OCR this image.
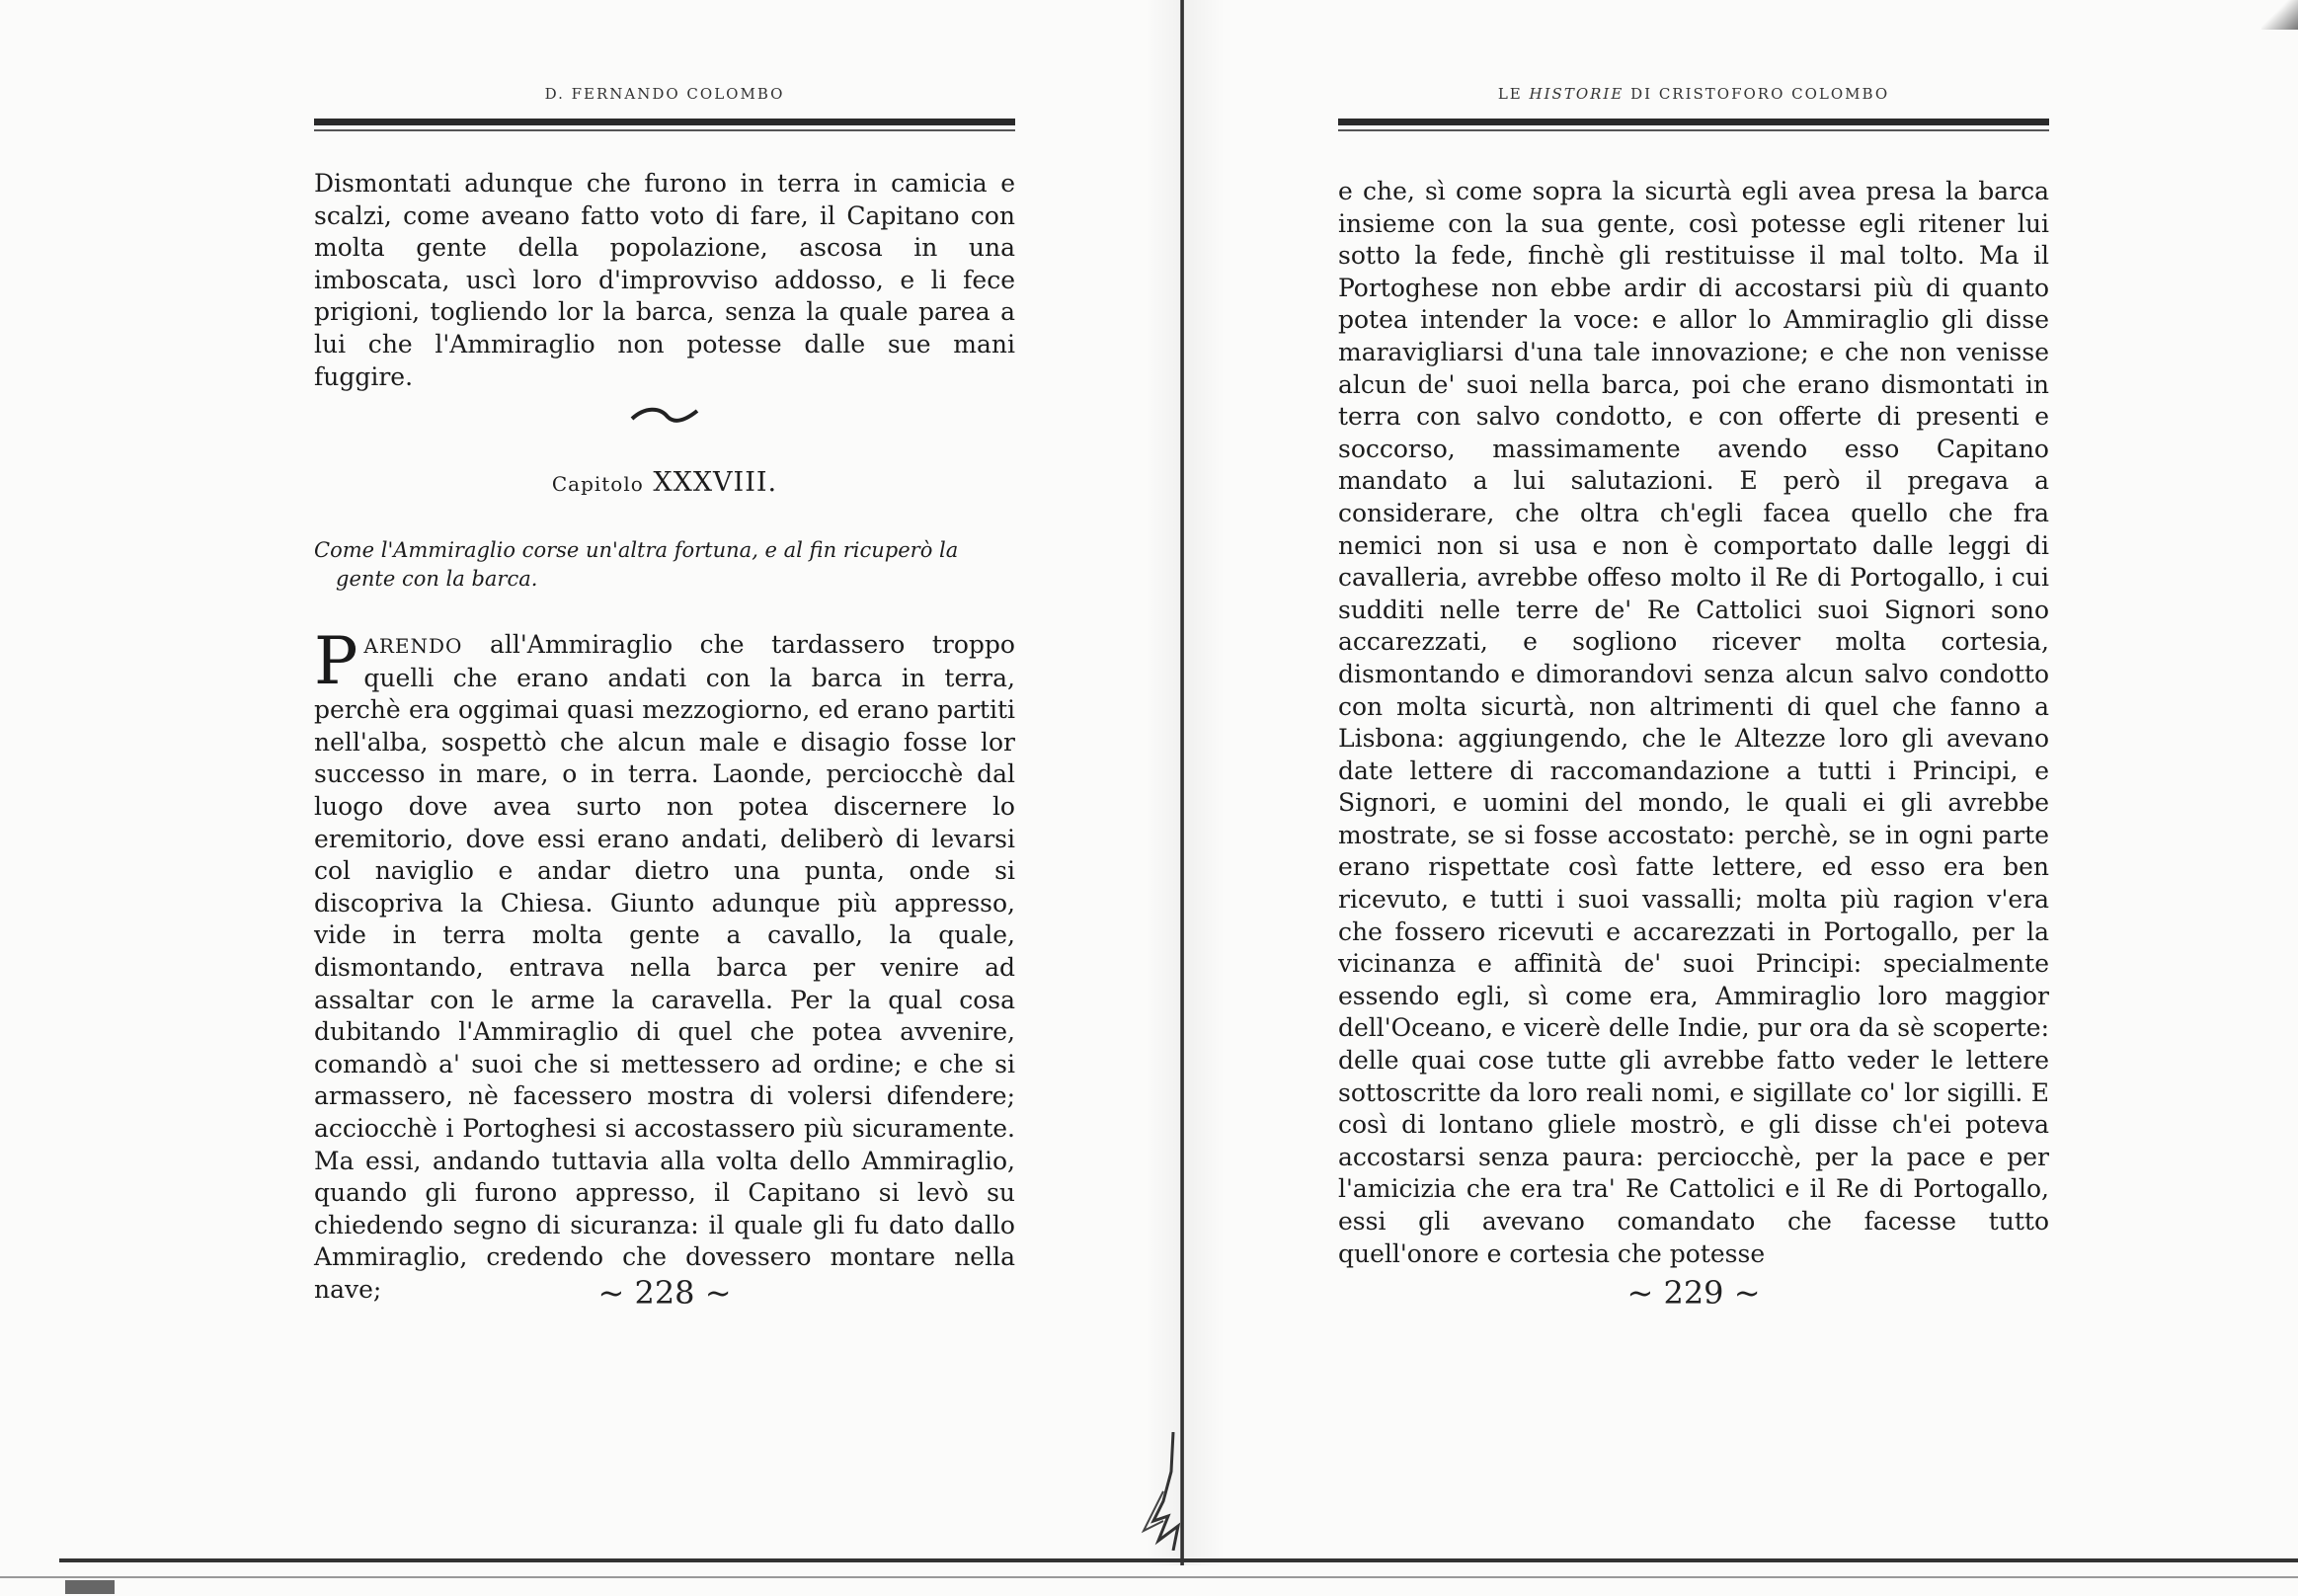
D. FERNANDO COLOMBO

Dismontati adunque che furono in terra in camicia e scalzi, come aveano fatto voto di fare, il Capitano con molta gente della popolazione, ascosa in una imboscata, uscì loro d'improvviso addosso, e li fece prigioni, togliendo lor la barca, senza la quale parea a lui che l'Ammiraglio non potesse dalle sue mani fuggire.

Capitolo XXXVIII.
Come l'Ammiraglio corse un'altra fortuna, e al fin ricuperò la
gente con la barca.

PARENDO all'Ammiraglio che tardassero troppo quelli che erano andati con la barca in terra, perchè era oggimai quasi mezzogiorno, ed erano partiti nell'alba, sospettò che alcun male e disagio fosse lor successo in mare, o in terra. Laonde, perciocchè dal luogo dove avea surto non potea discernere lo eremitorio, dove essi erano andati, deliberò di levarsi col naviglio e andar dietro una punta, onde si discopriva la Chiesa. Giunto adunque più appresso, vide in terra molta gente a cavallo, la quale, dismontando, entrava nella barca per venire ad assaltar con le arme la caravella. Per la qual cosa dubitando l'Ammiraglio di quel che potea avvenire, comandò a' suoi che si mettessero ad ordine; e che si armassero, nè facessero mostra di volersi difendere; acciocchè i Portoghesi si accostassero più sicuramente. Ma essi, andando tuttavia alla volta dello Ammiraglio, quando gli furono appresso, il Capitano si levò su chiedendo segno di sicuranza: il quale gli fu dato dallo Ammiraglio, credendo che dovessero montare nella nave;	~ 228 ~
LE HISTORIE DI CRISTOFORO COLOMBO

e che, sì come sopra la sicurtà egli avea presa la barca insieme con la sua gente, così potesse egli ritener lui sotto la fede, finchè gli restituisse il mal tolto. Ma il Portoghese non ebbe ardir di accostarsi più di quanto potea intender la voce: e allor lo Ammiraglio gli disse maravigliarsi d'una tale innovazione; e che non venisse alcun de' suoi nella barca, poi che erano dismontati in terra con salvo condotto, e con offerte di presenti e soccorso, massimamente avendo esso Capitano mandato a lui salutazioni. E però il pregava a considerare, che oltra ch'egli facea quello che fra nemici non si usa e non è comportato dalle leggi di cavalleria, avrebbe offeso molto il Re di Portogallo, i cui sudditi nelle terre de' Re Cattolici suoi Signori sono accarezzati, e sogliono ricever molta cortesia, dismontando e dimorandovi senza alcun salvo condotto con molta sicurtà, non altrimenti di quel che fanno a Lisbona: aggiungendo, che le Altezze loro gli avevano date lettere di raccomandazione a tutti i Principi, e Signori, e uomini del mondo, le quali ei gli avrebbe mostrate, se si fosse accostato: perchè, se in ogni parte erano rispettate così fatte lettere, ed esso era ben ricevuto, e tutti i suoi vassalli; molta più ragion v'era che fossero ricevuti e accarezzati in Portogallo, per la vicinanza e affinità de' suoi Principi: specialmente essendo egli, sì come era, Ammiraglio loro maggior dell'Oceano, e vicerè delle Indie, pur ora da sè scoperte: delle quai cose tutte gli avrebbe fatto veder le lettere sottoscritte da loro reali nomi, e sigillate co' lor sigilli. E così di lontano gliele mostrò, e gli disse ch'ei poteva accostarsi senza paura: perciocchè, per la pace e per l'amicizia che era tra' Re Cattolici e il Re di Portogallo, essi gli avevano comandato che facesse tutto quell'onore e cortesia che potesse

~ 229 ~
